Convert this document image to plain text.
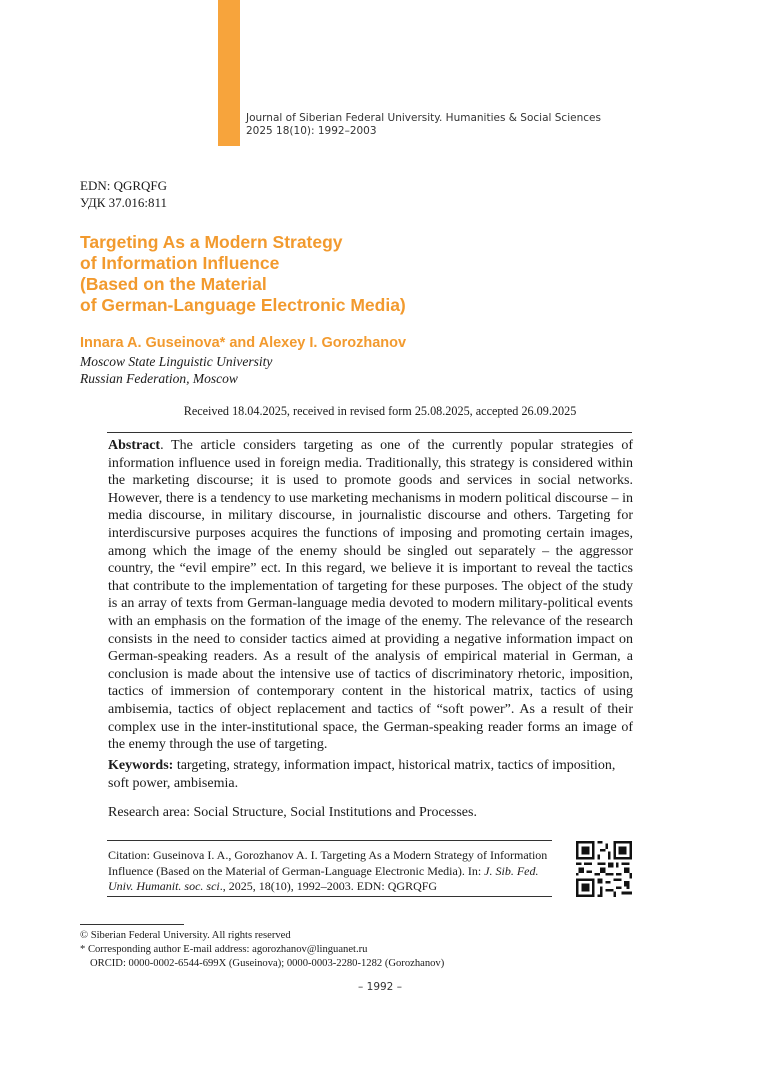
Journal of Siberian Federal University. Humanities & Social Sciences
2025 18(10): 1992–2003
EDN: QGRQFG
УДК 37.016:811
Targeting As a Modern Strategy
of Information Influence
(Based on the Material
of German-Language Electronic Media)
Innara A. Guseinova* and Alexey I. Gorozhanov
Moscow State Linguistic University
Russian Federation, Moscow
Received 18.04.2025, received in revised form 25.08.2025, accepted 26.09.2025
Abstract. The article considers targeting as one of the currently popular strategies of information influence used in foreign media. Traditionally, this strategy is considered within the marketing discourse; it is used to promote goods and services in social networks. However, there is a tendency to use marketing mechanisms in modern political discourse – in media discourse, in military discourse, in journalistic discourse and others. Targeting for interdiscursive purposes acquires the functions of imposing and promoting certain images, among which the image of the enemy should be singled out separately – the aggressor country, the “evil empire” ect. In this regard, we believe it is important to reveal the tactics that contribute to the implementation of targeting for these purposes. The object of the study is an array of texts from German-language media devoted to modern military-political events with an emphasis on the formation of the image of the enemy. The relevance of the research consists in the need to consider tactics aimed at providing a negative information impact on German-speaking readers. As a result of the analysis of empirical material in German, a conclusion is made about the intensive use of tactics of discriminatory rhetoric, imposition, tactics of immersion of contemporary content in the historical matrix, tactics of using ambisemia, tactics of object replacement and tactics of “soft power”. As a result of their complex use in the inter-institutional space, the German-speaking reader forms an image of the enemy through the use of targeting.
Keywords: targeting, strategy, information impact, historical matrix, tactics of imposition, soft power, ambisemia.
Research area: Social Structure, Social Institutions and Processes.
Citation: Guseinova I. A., Gorozhanov A. I. Targeting As a Modern Strategy of Information Influence (Based on the Material of German-Language Electronic Media). In: J. Sib. Fed. Univ. Humanit. soc. sci., 2025, 18(10), 1992–2003. EDN: QGRQFG
© Siberian Federal University. All rights reserved
* Corresponding author E-mail address: agorozhanov@linguanet.ru
ORCID: 0000-0002-6544-699X (Guseinova); 0000-0003-2280-1282 (Gorozhanov)
– 1992 –
